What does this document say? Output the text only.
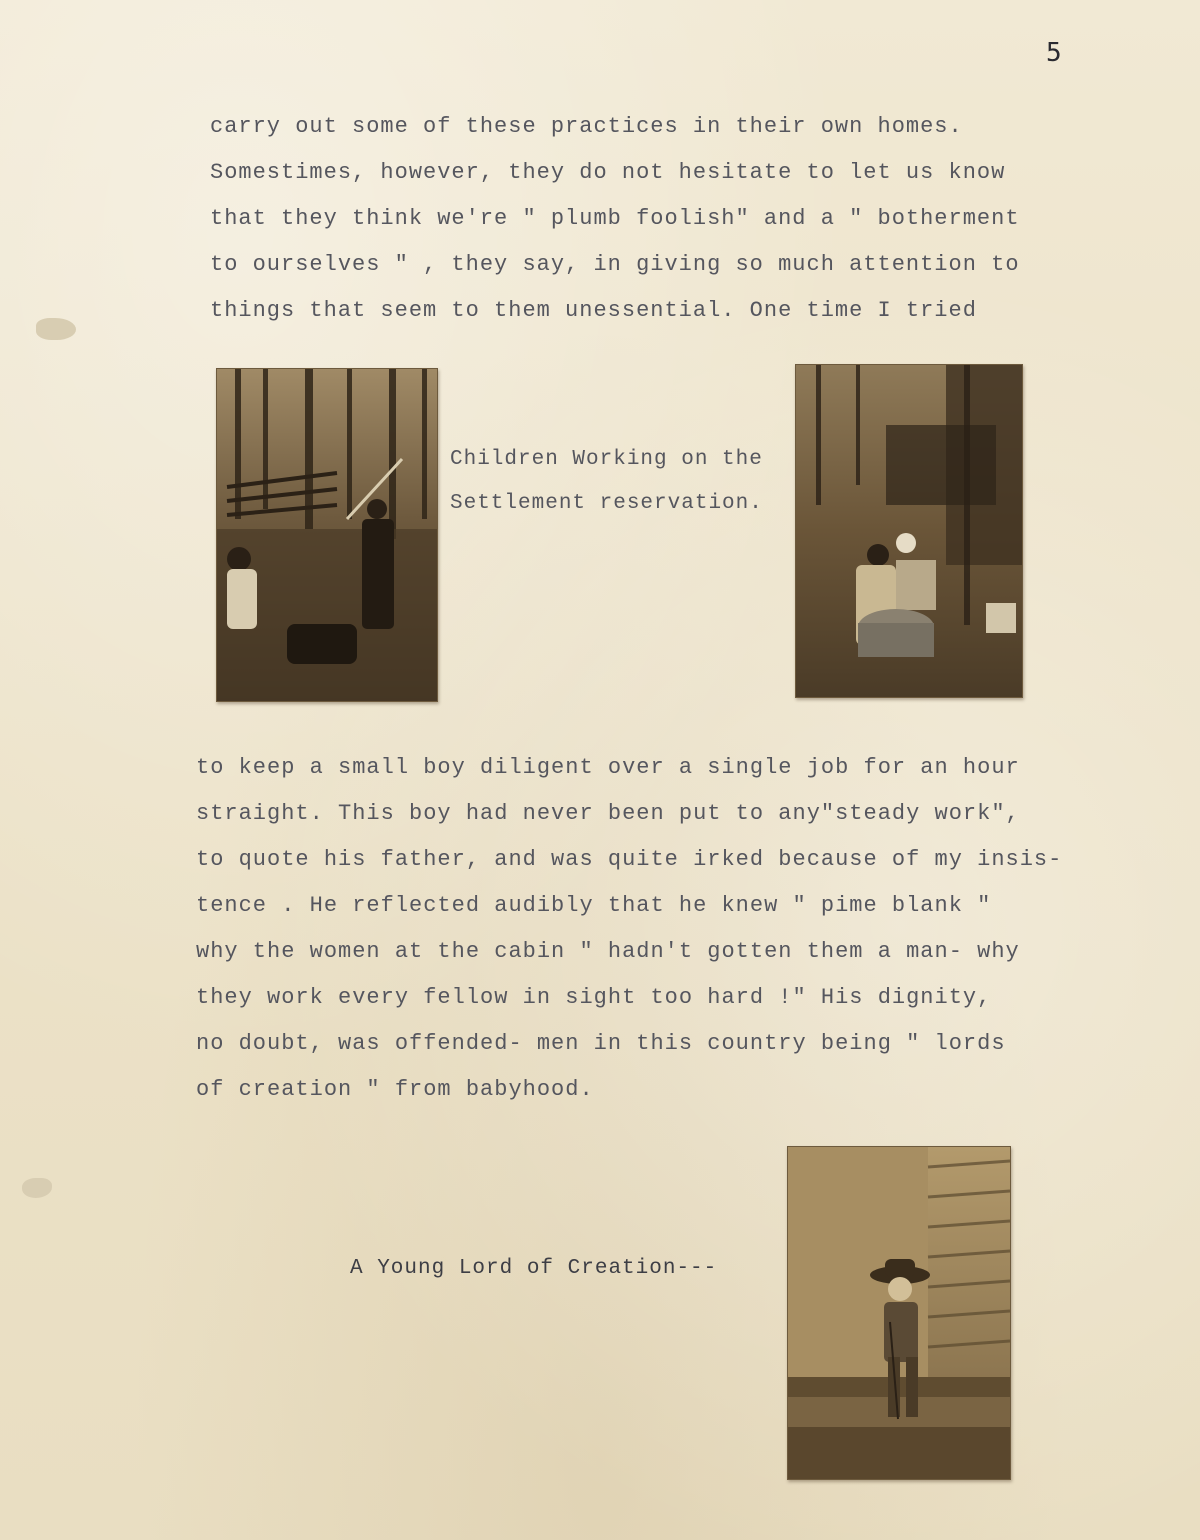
5
carry out some of these practices in their own homes.
Somestimes, however, they do not hesitate to let us know
that they think we're " plumb foolish" and a " botherment
to ourselves " , they say, in giving so much attention to
things that seem to them unessential. One time I tried
Children Working on the
Settlement reservation.
to keep a small boy diligent over a single job for an hour
straight. This boy had never been put to any"steady work",
to quote his father, and was quite irked because of my insis-
tence . He reflected audibly that he knew " pime blank "
why the women at the cabin " hadn't gotten them a man- why
they work every fellow in sight too hard !" His dignity,
no doubt, was offended- men in this country being " lords
of creation " from babyhood.
A Young Lord of Creation---
